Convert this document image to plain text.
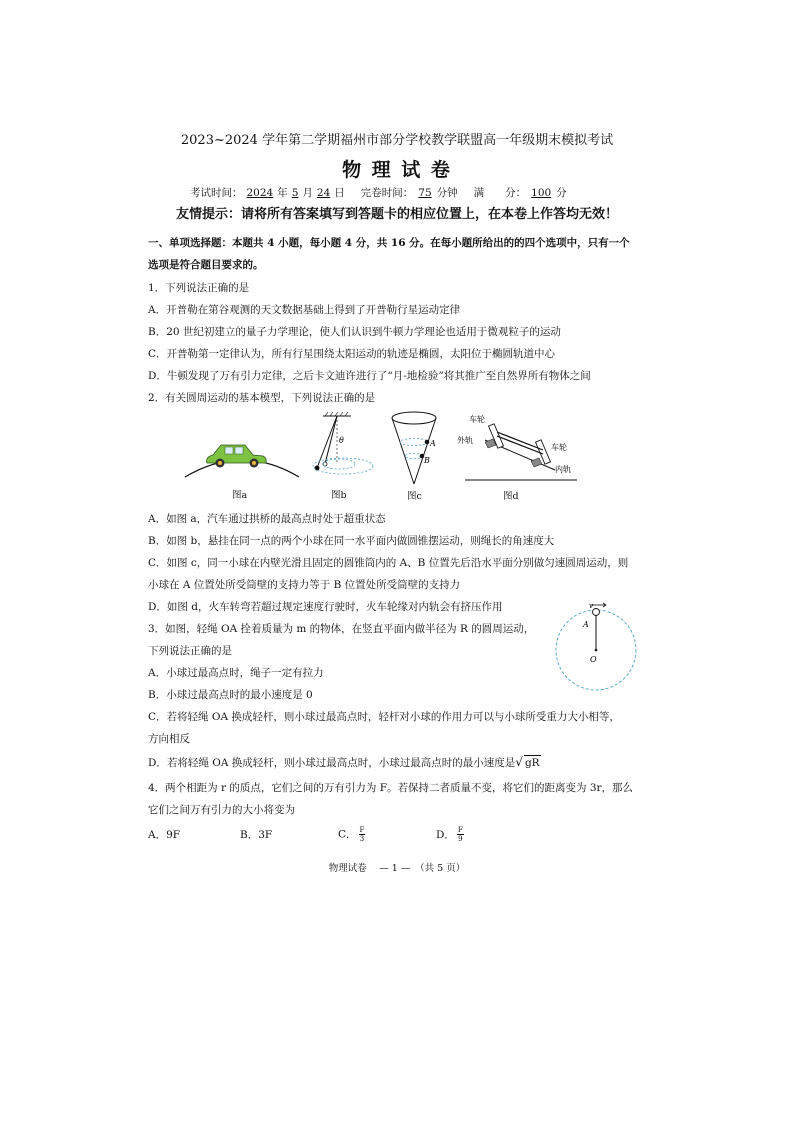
2023~2024 学年第二学期福州市部分学校教学联盟高一年级期末模拟考试
物 理 试 卷
考试时间： 2024 年 5 月 24 日 完卷时间： 75 分钟 满　　分： 100 分
友情提示：请将所有答案填写到答题卡的相应位置上，在本卷上作答均无效！
一、单项选择题：本题共 4 小题，每小题 4 分，共 16 分。在每小题所给出的的四个选项中，只有一个
选项是符合题目要求的。
1．下列说法正确的是
A．开普勒在第谷观测的天文数据基础上得到了开普勒行星运动定律
B．20 世纪初建立的量子力学理论，使人们认识到牛顿力学理论也适用于微观粒子的运动
C．开普勒第一定律认为，所有行星围绕太阳运动的轨迹是椭圆，太阳位于椭圆轨道中心
D．牛顿发现了万有引力定律，之后卡文迪许进行了“月-地检验”将其推广至自然界所有物体之间
2．有关圆周运动的基本模型，下列说法正确的是
图a
θ
图b
A
B
图c
车轮
外轨
车轮
内轨
图d
A．如图 a，汽车通过拱桥的最高点时处于超重状态
B．如图 b，悬挂在同一点的两个小球在同一水平面内做圆锥摆运动，则绳长的角速度大
C．如图 c，同一小球在内壁光滑且固定的圆锥筒内的 A、B 位置先后沿水平面分别做匀速圆周运动，则
小球在 A 位置处所受筒壁的支持力等于 B 位置处所受筒壁的支持力
D．如图 d，火车转弯若超过规定速度行驶时，火车轮缘对内轨会有挤压作用
3．如图，轻绳 OA 拴着质量为 m 的物体，在竖直平面内做半径为 R 的圆周运动，
下列说法正确的是
v
A
O
A．小球过最高点时，绳子一定有拉力
B．小球过最高点时的最小速度是 0
C．若将轻绳 OA 换成轻杆，则小球过最高点时，轻杆对小球的作用力可以与小球所受重力大小相等，
方向相反
D．若将轻绳 OA 换成轻杆，则小球过最高点时，小球过最高点时的最小速度是√ gR
4．两个相距为 r 的质点，它们之间的万有引力为 F。若保持二者质量不变，将它们的距离变为 3r，那么
它们之间万有引力的大小将变为
A．9F	B．3F	C． $\frac{F}{3}$	D． $\frac{F}{9}$
物理试卷　 — 1 —　（共 5 页）
